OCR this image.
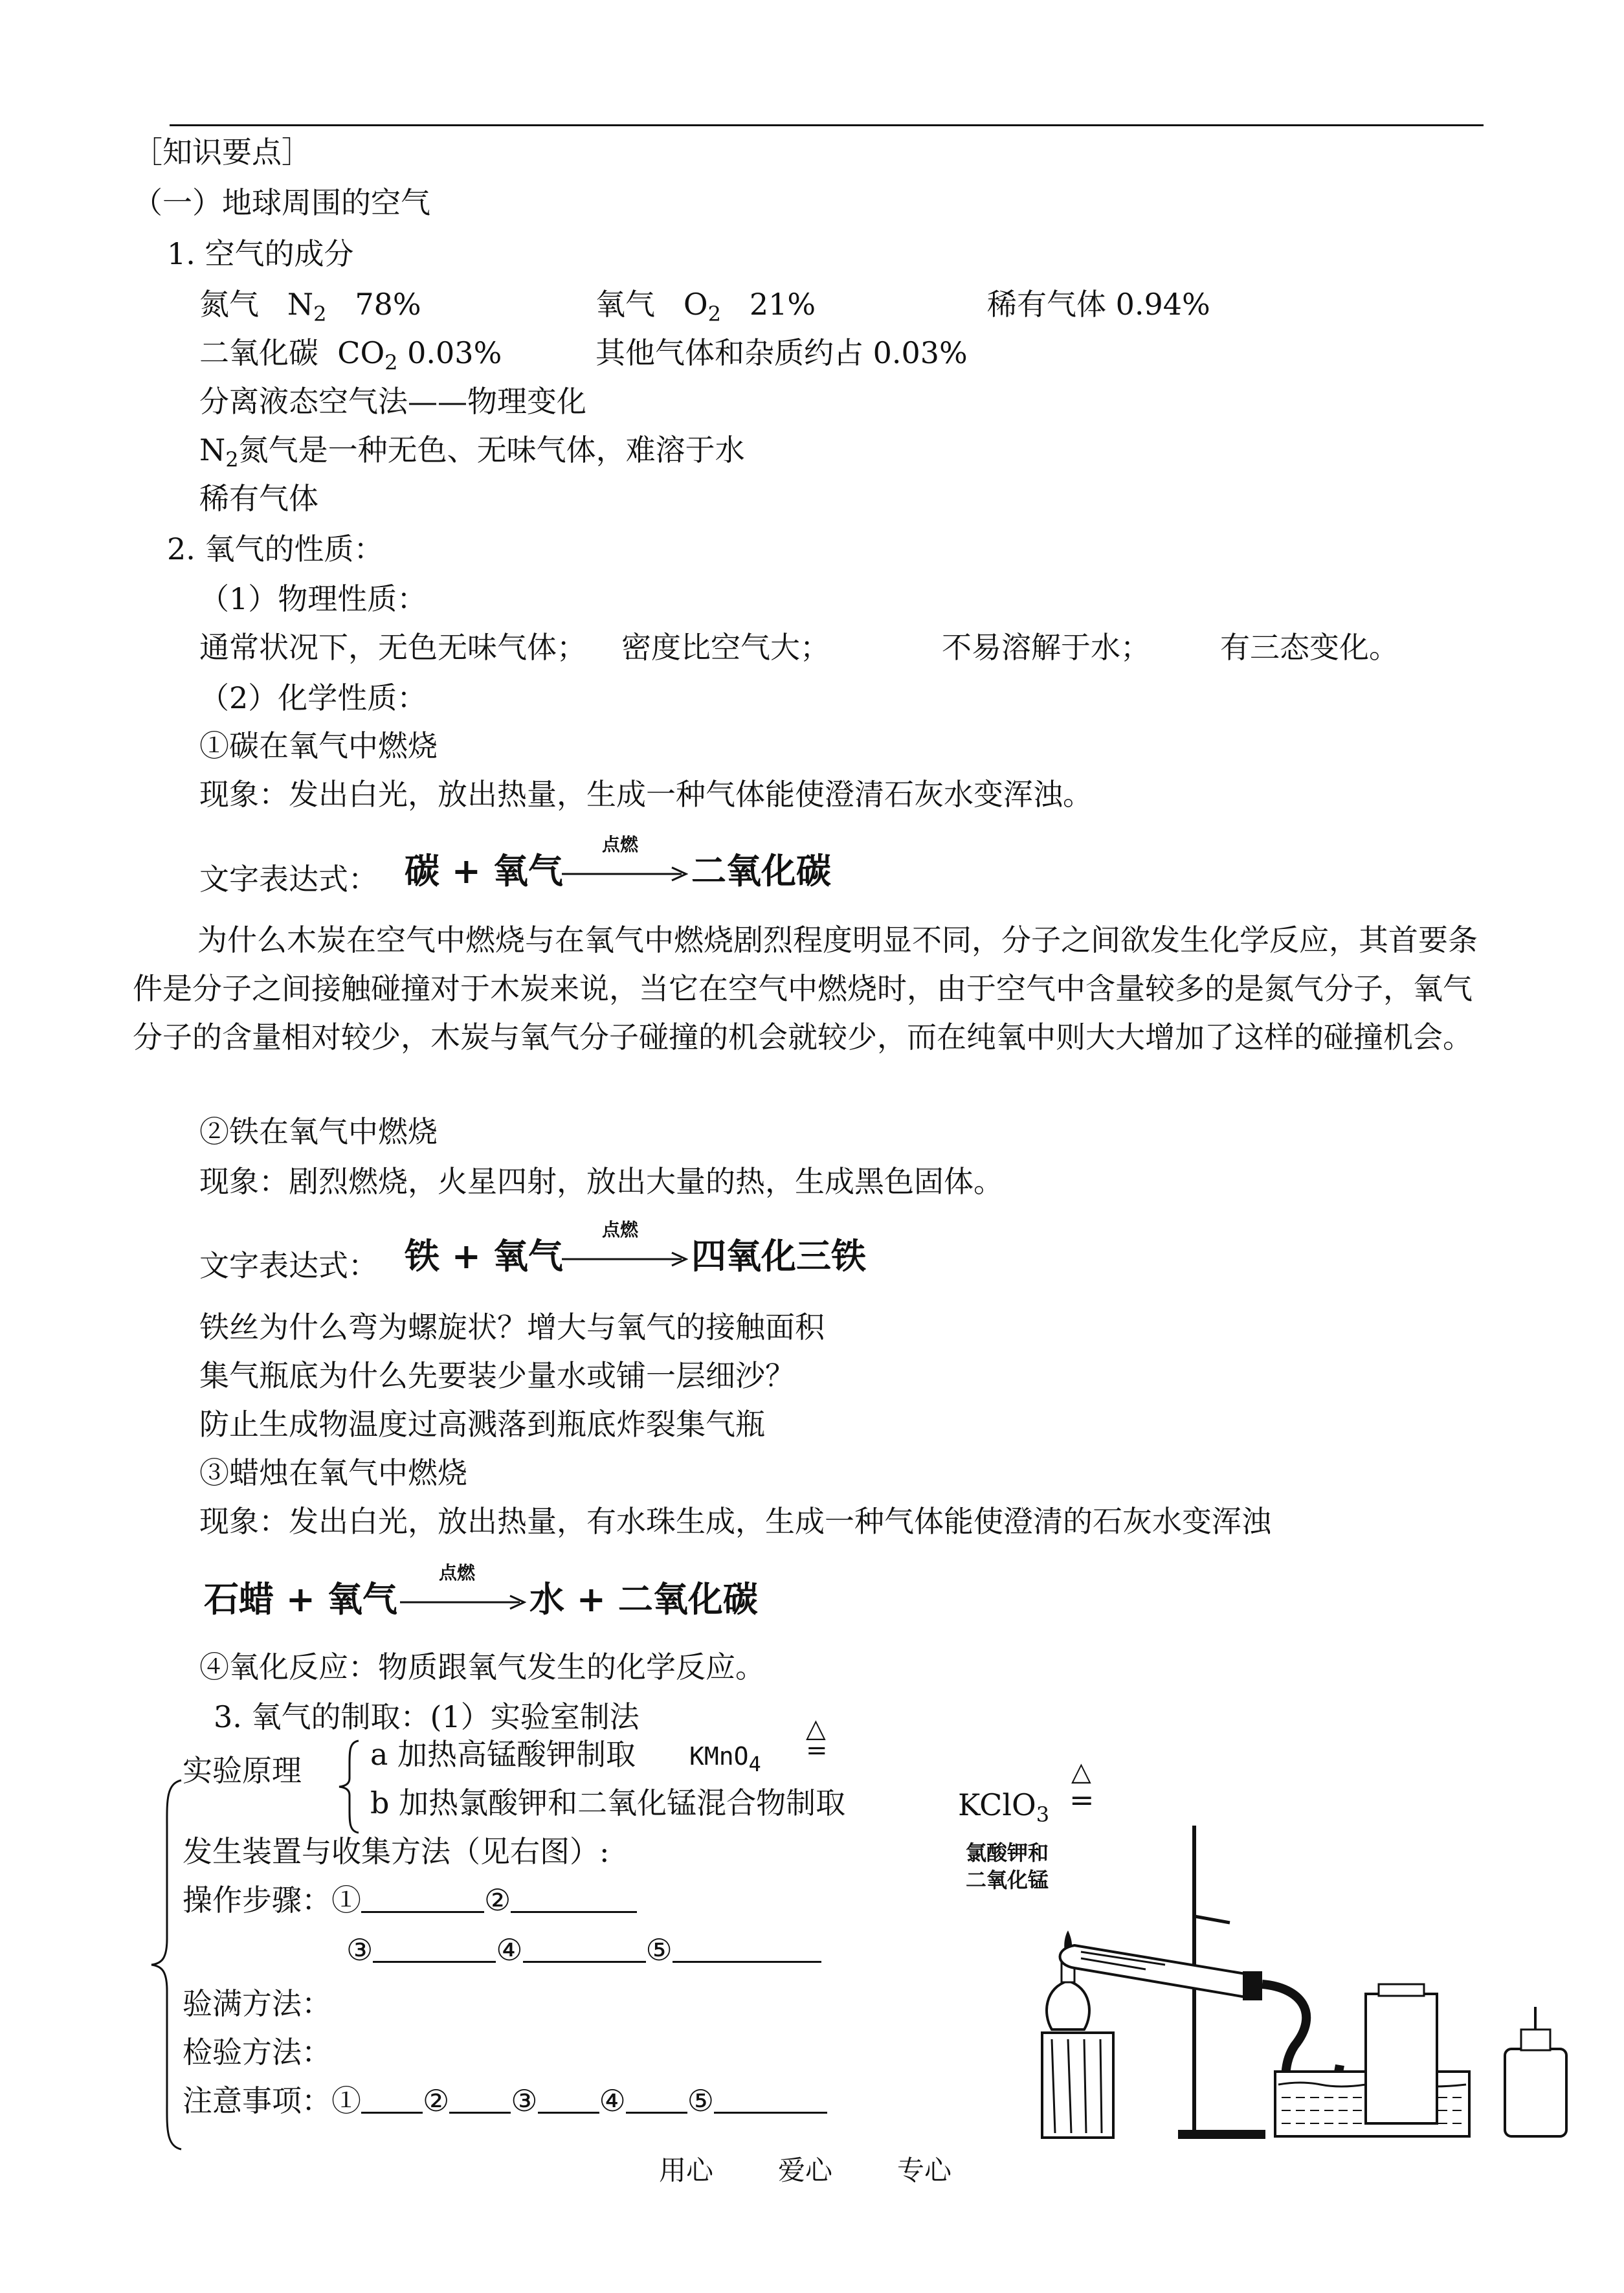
［知识要点］
（一）地球周围的空气
1. 空气的成分
氮气 $N_2$ 78%	氧气 $O_2$ 21%	稀有气体 0.94%
二氧化碳 $CO_2$ 0.03%	其他气体和杂质约占 0.03%
分离液态空气法——物理变化
$N_2$氮气是一种无色、无味气体，难溶于水
稀有气体
2. 氧气的性质：
（1）物理性质：
通常状况下，无色无味气体； 密度比空气大；	不易溶解于水； 有三态变化。
（2）化学性质：
①碳在氧气中燃烧
现象：发出白光，放出热量，生成一种气体能使澄清石灰水变浑浊。
文字表达式： 碳 + 氧气
点燃
二氧化碳
为什么木炭在空气中燃烧与在氧气中燃烧剧烈程度明显不同，分子之间欲发生化学反应，其首要条件是分子之间接触碰撞对于木炭来说，当它在空气中燃烧时，由于空气中含量较多的是氮气分子，氧气分子的含量相对较少，木炭与氧气分子碰撞的机会就较少，而在纯氧中则大大增加了这样的碰撞机会。
②铁在氧气中燃烧
现象：剧烈燃烧，火星四射，放出大量的热，生成黑色固体。
文字表达式： 铁 + 氧气
点燃
四氧化三铁
铁丝为什么弯为螺旋状？增大与氧气的接触面积
集气瓶底为什么先要装少量水或铺一层细沙？
防止生成物温度过高溅落到瓶底炸裂集气瓶
③蜡烛在氧气中燃烧
现象：发出白光，放出热量，有水珠生成，生成一种气体能使澄清的石灰水变浑浊
石蜡 + 氧气
点燃
水 + 二氧化碳
④氧化反应：物质跟氧气发生的化学反应。
3. 氧气的制取：(1）实验室制法
实验原理 a 加热高锰酸钾制取 KMnO$_4$
△
=
b 加热氯酸钾和二氧化锰混合物制取	KClO$_3$
△
=
发生装置与收集方法（见右图）:
操作步骤：①	②
③	④	⑤
验满方法：
检验方法：
注意事项：① ② ③ ④ ⑤
氯酸钾和
二氧化锰
用心 爱心 专心
